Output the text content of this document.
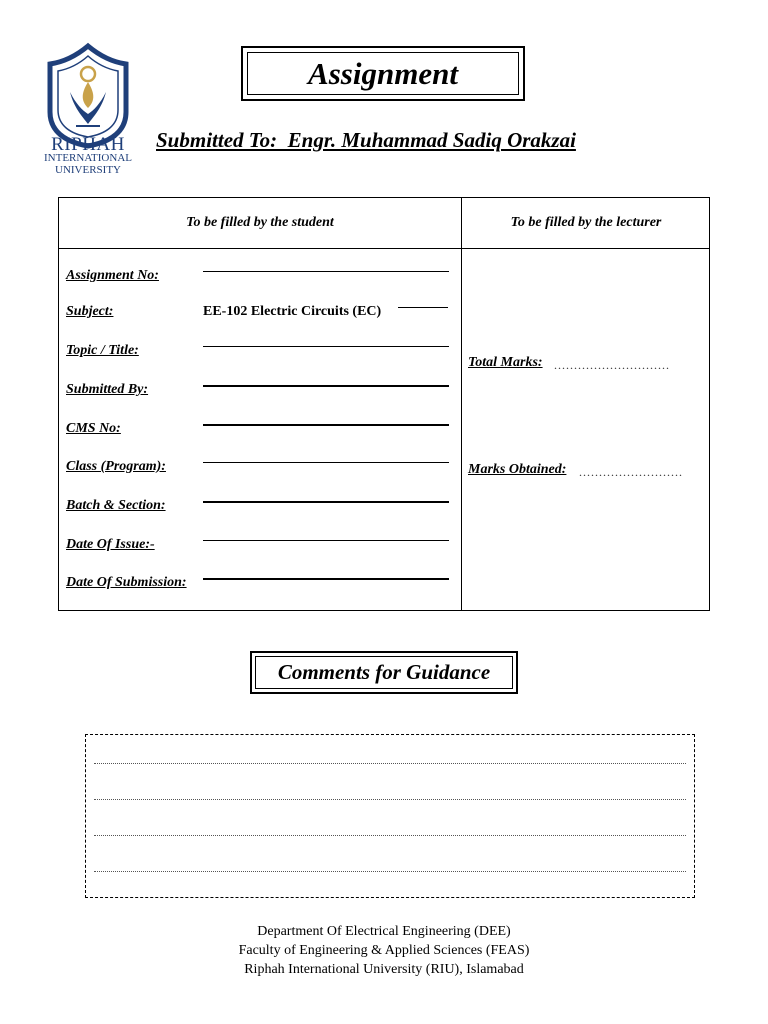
RIPHAH
INTERNATIONAL
UNIVERSITY
Assignment
Submitted To:  Engr. Muhammad Sadiq Orakzai
To be filled by the student	To be filled by the lecturer
Assignment No:
Subject:	EE-102 Electric Circuits (EC)
Topic / Title:
Submitted By:
CMS No:
Class (Program):
Batch & Section:
Date Of Issue:-
Date Of Submission:
Total Marks: .............................
Marks Obtained: ..........................
Comments for Guidance
Department Of Electrical Engineering (DEE)
Faculty of Engineering & Applied Sciences (FEAS)
Riphah International University (RIU), Islamabad
